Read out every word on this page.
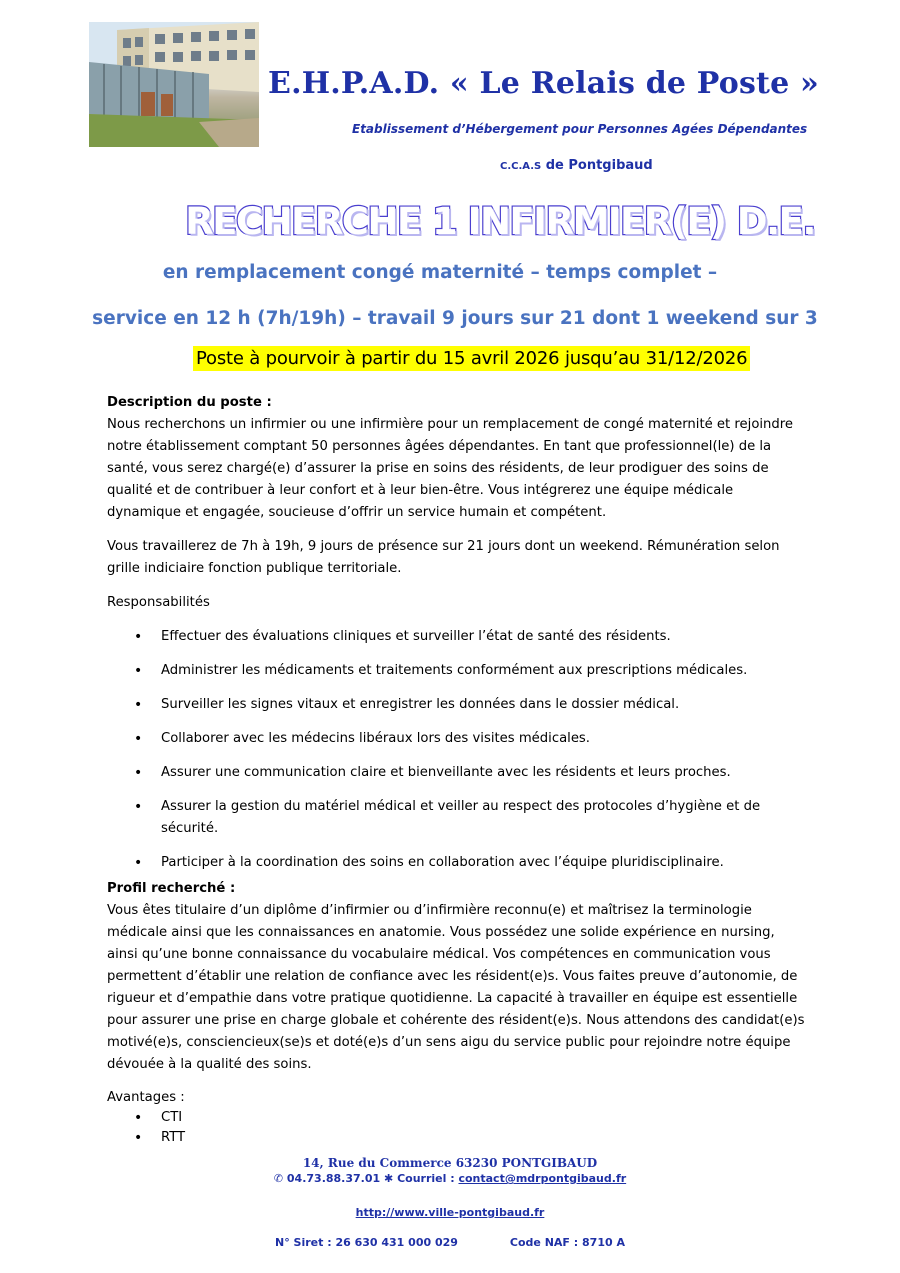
E.H.P.A.D. « Le Relais de Poste »

Etablissement d’Hébergement pour Personnes Agées Dépendantes

C.C.A.S de Pontgibaud

RECHERCHE 1 INFIRMIER(E) D.E.

en remplacement congé maternité – temps complet –

service en 12 h (7h/19h) – travail 9 jours sur 21 dont 1 weekend sur 3

Poste à pourvoir à partir du 15 avril 2026 jusqu’au 31/12/2026

Description du poste :

Nous recherchons un infirmier ou une infirmière pour un remplacement de congé maternité et rejoindre notre établissement comptant 50 personnes âgées dépendantes. En tant que professionnel(le) de la santé, vous serez chargé(e) d’assurer la prise en soins des résidents, de leur prodiguer des soins de qualité et de contribuer à leur confort et à leur bien-être. Vous intégrerez une équipe médicale dynamique et engagée, soucieuse d’offrir un service humain et compétent.

Vous travaillerez de 7h à 19h, 9 jours de présence sur 21 jours dont un weekend. Rémunération selon grille indiciaire fonction publique territoriale.

Responsabilités

• Effectuer des évaluations cliniques et surveiller l’état de santé des résidents.
• Administrer les médicaments et traitements conformément aux prescriptions médicales.
• Surveiller les signes vitaux et enregistrer les données dans le dossier médical.
• Collaborer avec les médecins libéraux lors des visites médicales.
• Assurer une communication claire et bienveillante avec les résidents et leurs proches.
• Assurer la gestion du matériel médical et veiller au respect des protocoles d’hygiène et de sécurité.
• Participer à la coordination des soins en collaboration avec l’équipe pluridisciplinaire.

Profil recherché :

Vous êtes titulaire d’un diplôme d’infirmier ou d’infirmière reconnu(e) et maîtrisez la terminologie médicale ainsi que les connaissances en anatomie. Vous possédez une solide expérience en nursing, ainsi qu’une bonne connaissance du vocabulaire médical. Vos compétences en communication vous permettent d’établir une relation de confiance avec les résident(e)s. Vous faites preuve d’autonomie, de rigueur et d’empathie dans votre pratique quotidienne. La capacité à travailler en équipe est essentielle pour assurer une prise en charge globale et cohérente des résident(e)s. Nous attendons des candidat(e)s motivé(e)s, consciencieux(se)s et doté(e)s d’un sens aigu du service public pour rejoindre notre équipe dévouée à la qualité des soins.

Avantages :

• CTI
• RTT

14, Rue du Commerce 63230 PONTGIBAUD

✆ 04.73.88.37.01 ✱ Courriel : contact@mdrpontgibaud.fr

http://www.ville-pontgibaud.fr

N° Siret : 26 630 431 000 029	Code NAF : 8710 A
